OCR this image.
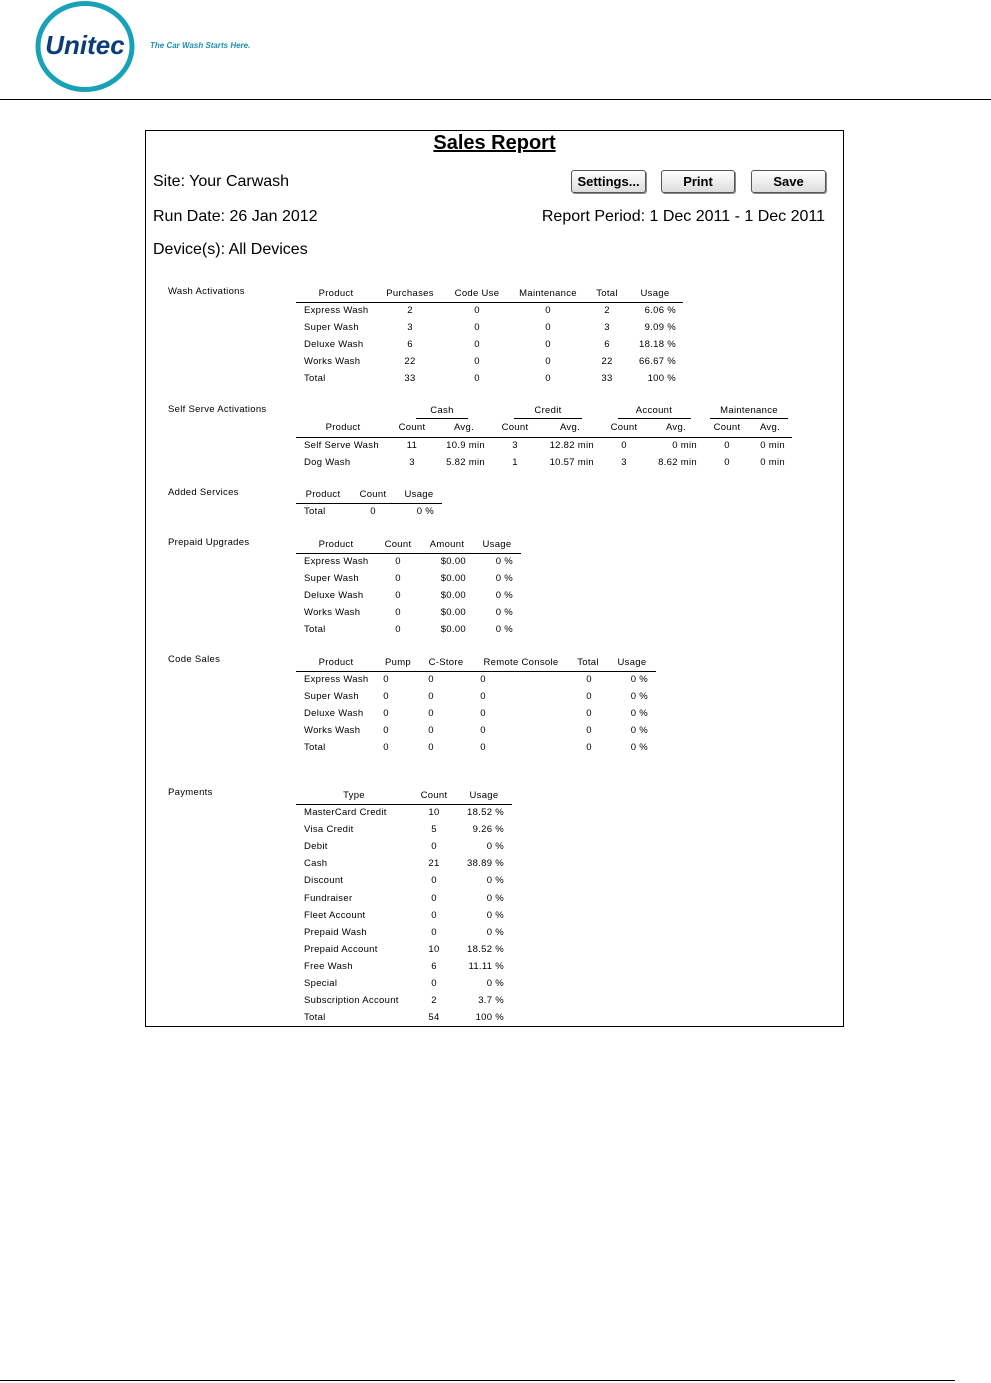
Unitec	The Car Wash Starts Here.
Sales Report
Site: Your Carwash
Run Date: 26 Jan 2012	Report Period: 1 Dec 2011 - 1 Dec 2011
Device(s): All Devices
Settings...	Print	Save
Wash Activations	Product	Purchases	Code Use	Maintenance	Total	Usage
Express Wash	2	0	0	2	6.06 %
Super Wash	3	0	0	3	9.09 %
Deluxe Wash	6	0	0	6	18.18 %
Works Wash	22	0	0	22	66.67 %
Total	33	0	0	33	100 %
Self Serve Activations	Cash	Credit	Account	Maintenance
Product	Count	Avg.	Count	Avg.	Count	Avg.	Count	Avg.
Self Serve Wash	11	10.9 min	3	12.82 min	0	0 min	0	0 min
Dog Wash	3	5.82 min	1	10.57 min	3	8.62 min	0	0 min
Added Services	Product	Count	Usage
Total	0	0 %
Prepaid Upgrades	Product	Count	Amount	Usage
Express Wash	0	$0.00	0 %
Super Wash	0	$0.00	0 %
Deluxe Wash	0	$0.00	0 %
Works Wash	0	$0.00	0 %
Total	0	$0.00	0 %
Code Sales	Product	Pump	C-Store	Remote Console	Total	Usage
Express Wash	0	0	0	0	0 %
Super Wash	0	0	0	0	0 %
Deluxe Wash	0	0	0	0	0 %
Works Wash	0	0	0	0	0 %
Total	0	0	0	0	0 %
Payments	Type	Count	Usage
MasterCard Credit	10	18.52 %
Visa Credit	5	9.26 %
Debit	0	0 %
Cash	21	38.89 %
Discount	0	0 %
Fundraiser	0	0 %
Fleet Account	0	0 %
Prepaid Wash	0	0 %
Prepaid Account	10	18.52 %
Free Wash	6	11.11 %
Special	0	0 %
Subscription Account	2	3.7 %
Total	54	100 %
